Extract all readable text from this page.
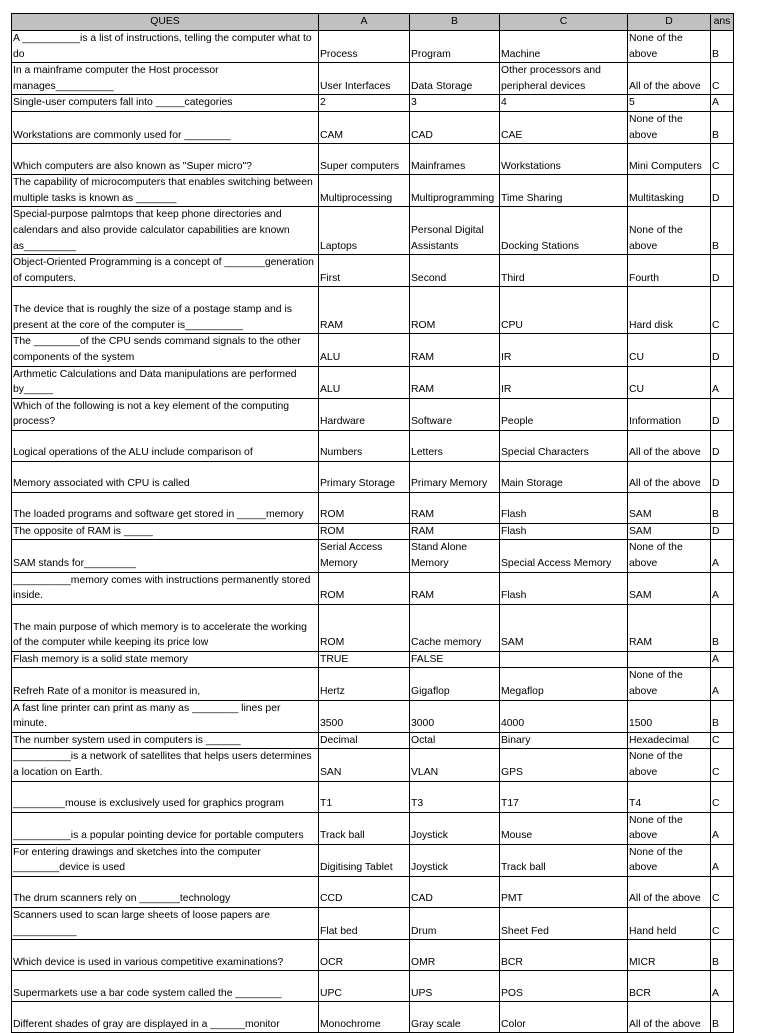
QUES	A	B	C	D	ans
A __________is a list of instructions, telling the computer what to do	Process	Program	Machine	None of the above	B
In a mainframe computer the Host processor manages__________	User Interfaces	Data Storage	Other processors and peripheral devices	All of the above	C
Single-user computers fall into _____categories	2	3	4	5	A
Workstations are commonly used for ________	CAM	CAD	CAE	None of the above	B
Which computers are also known as "Super micro"?	Super computers	Mainframes	Workstations	Mini Computers	C
The capability of microcomputers that enables switching between multiple tasks is known as _______	Multiprocessing	Multiprogramming	Time Sharing	Multitasking	D
Special-purpose palmtops that keep phone directories and calendars and also provide calculator capabilities are known as_________	Laptops	Personal Digital Assistants	Docking Stations	None of the above	B
Object-Oriented Programming is a concept of _______generation of computers.	First	Second	Third	Fourth	D
The device that is roughly the size of a postage stamp and is present at the core of the computer is__________	RAM	ROM	CPU	Hard disk	C
The ________of the CPU sends command signals to the other components of the system	ALU	RAM	IR	CU	D
Arthmetic Calculations and Data manipulations are performed by_____	ALU	RAM	IR	CU	A
Which of the following is not a key element of the computing process?	Hardware	Software	People	Information	D
Logical operations of the ALU include comparison of	Numbers	Letters	Special Characters	All of the above	D
Memory associated with CPU is called	Primary Storage	Primary Memory	Main Storage	All of the above	D
The loaded programs and software get stored in _____memory	ROM	RAM	Flash	SAM	B
The opposite of RAM is _____	ROM	RAM	Flash	SAM	D
SAM stands for_________	Serial Access Memory	Stand Alone Memory	Special Access Memory	None of the above	A
__________memory comes with instructions permanently stored inside.	ROM	RAM	Flash	SAM	A
The main purpose of which memory is to accelerate the working of the computer while keeping its price low	ROM	Cache memory	SAM	RAM	B
Flash memory is a solid state memory	TRUE	FALSE			A
Refreh Rate of a monitor is measured in,	Hertz	Gigaflop	Megaflop	None of the above	A
A fast line printer can print as many as ________ lines per minute.	3500	3000	4000	1500	B
The number system used in computers is ______	Decimal	Octal	Binary	Hexadecimal	C
__________is a network of satellites that helps users determines a location on Earth.	SAN	VLAN	GPS	None of the above	C
_________mouse is exclusively used for graphics program	T1	T3	T17	T4	C
__________is a popular pointing device for portable computers	Track ball	Joystick	Mouse	None of the above	A
For entering drawings and sketches into the computer ________device is used	Digitising Tablet	Joystick	Track ball	None of the above	A
The drum scanners rely on _______technology	CCD	CAD	PMT	All of the above	C
Scanners used to scan large sheets of loose papers are ___________	Flat bed	Drum	Sheet Fed	Hand held	C
Which device is used in various competitive examinations?	OCR	OMR	BCR	MICR	B
Supermarkets use a bar code system called the ________	UPC	UPS	POS	BCR	A
Different shades of gray are displayed in a ______monitor	Monochrome	Gray scale	Color	All of the above	B
